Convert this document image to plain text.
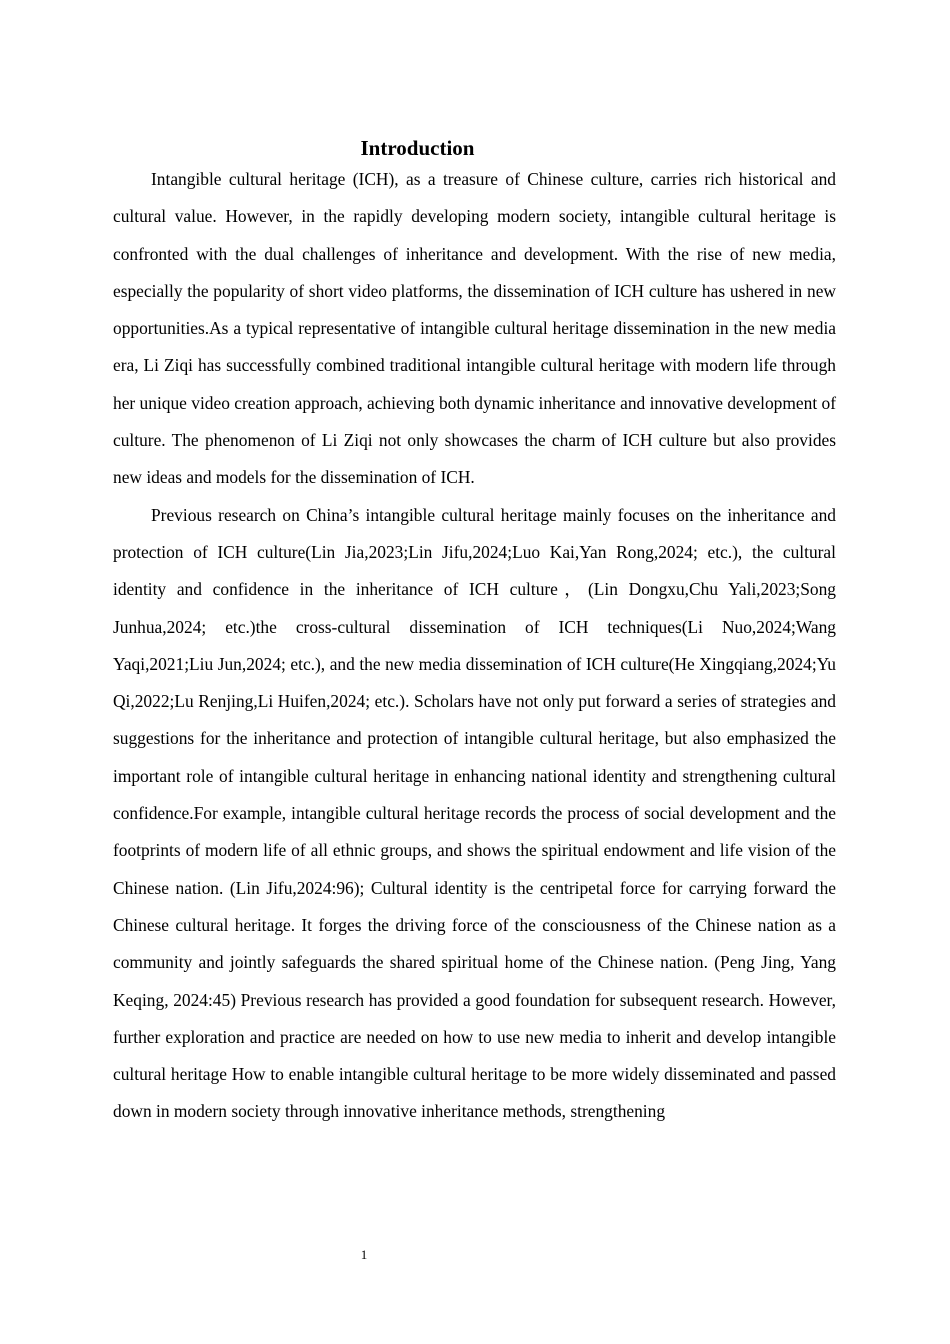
Introduction

Intangible cultural heritage (ICH), as a treasure of Chinese culture, carries rich historical and cultural value. However, in the rapidly developing modern society, intangible cultural heritage is confronted with the dual challenges of inheritance and development. With the rise of new media, especially the popularity of short video platforms, the dissemination of ICH culture has ushered in new opportunities.As a typical representative of intangible cultural heritage dissemination in the new media era, Li Ziqi has successfully combined traditional intangible cultural heritage with modern life through her unique video creation approach, achieving both dynamic inheritance and innovative development of culture. The phenomenon of Li Ziqi not only showcases the charm of ICH culture but also provides new ideas and models for the dissemination of ICH.

Previous research on China’s intangible cultural heritage mainly focuses on the inheritance and protection of ICH culture(Lin Jia,2023;Lin Jifu,2024;Luo Kai,Yan Rong,2024; etc.), the cultural identity and confidence in the inheritance of ICH culture，(Lin Dongxu,Chu Yali,2023;Song Junhua,2024; etc.)the cross-cultural dissemination of ICH techniques(Li Nuo,2024;Wang Yaqi,2021;Liu Jun,2024; etc.), and the new media dissemination of ICH culture(He Xingqiang,2024;Yu Qi,2022;Lu Renjing,Li Huifen,2024; etc.). Scholars have not only put forward a series of strategies and suggestions for the inheritance and protection of intangible cultural heritage, but also emphasized the important role of intangible cultural heritage in enhancing national identity and strengthening cultural confidence.For example, intangible cultural heritage records the process of social development and the footprints of modern life of all ethnic groups, and shows the spiritual endowment and life vision of the Chinese nation. (Lin Jifu,2024:96); Cultural identity is the centripetal force for carrying forward the Chinese cultural heritage. It forges the driving force of the consciousness of the Chinese nation as a community and jointly safeguards the shared spiritual home of the Chinese nation. (Peng Jing, Yang Keqing, 2024:45) Previous research has provided a good foundation for subsequent research. However, further exploration and practice are needed on how to use new media to inherit and develop intangible cultural heritage How to enable intangible cultural heritage to be more widely disseminated and passed down in modern society through innovative inheritance methods, strengthening

1
